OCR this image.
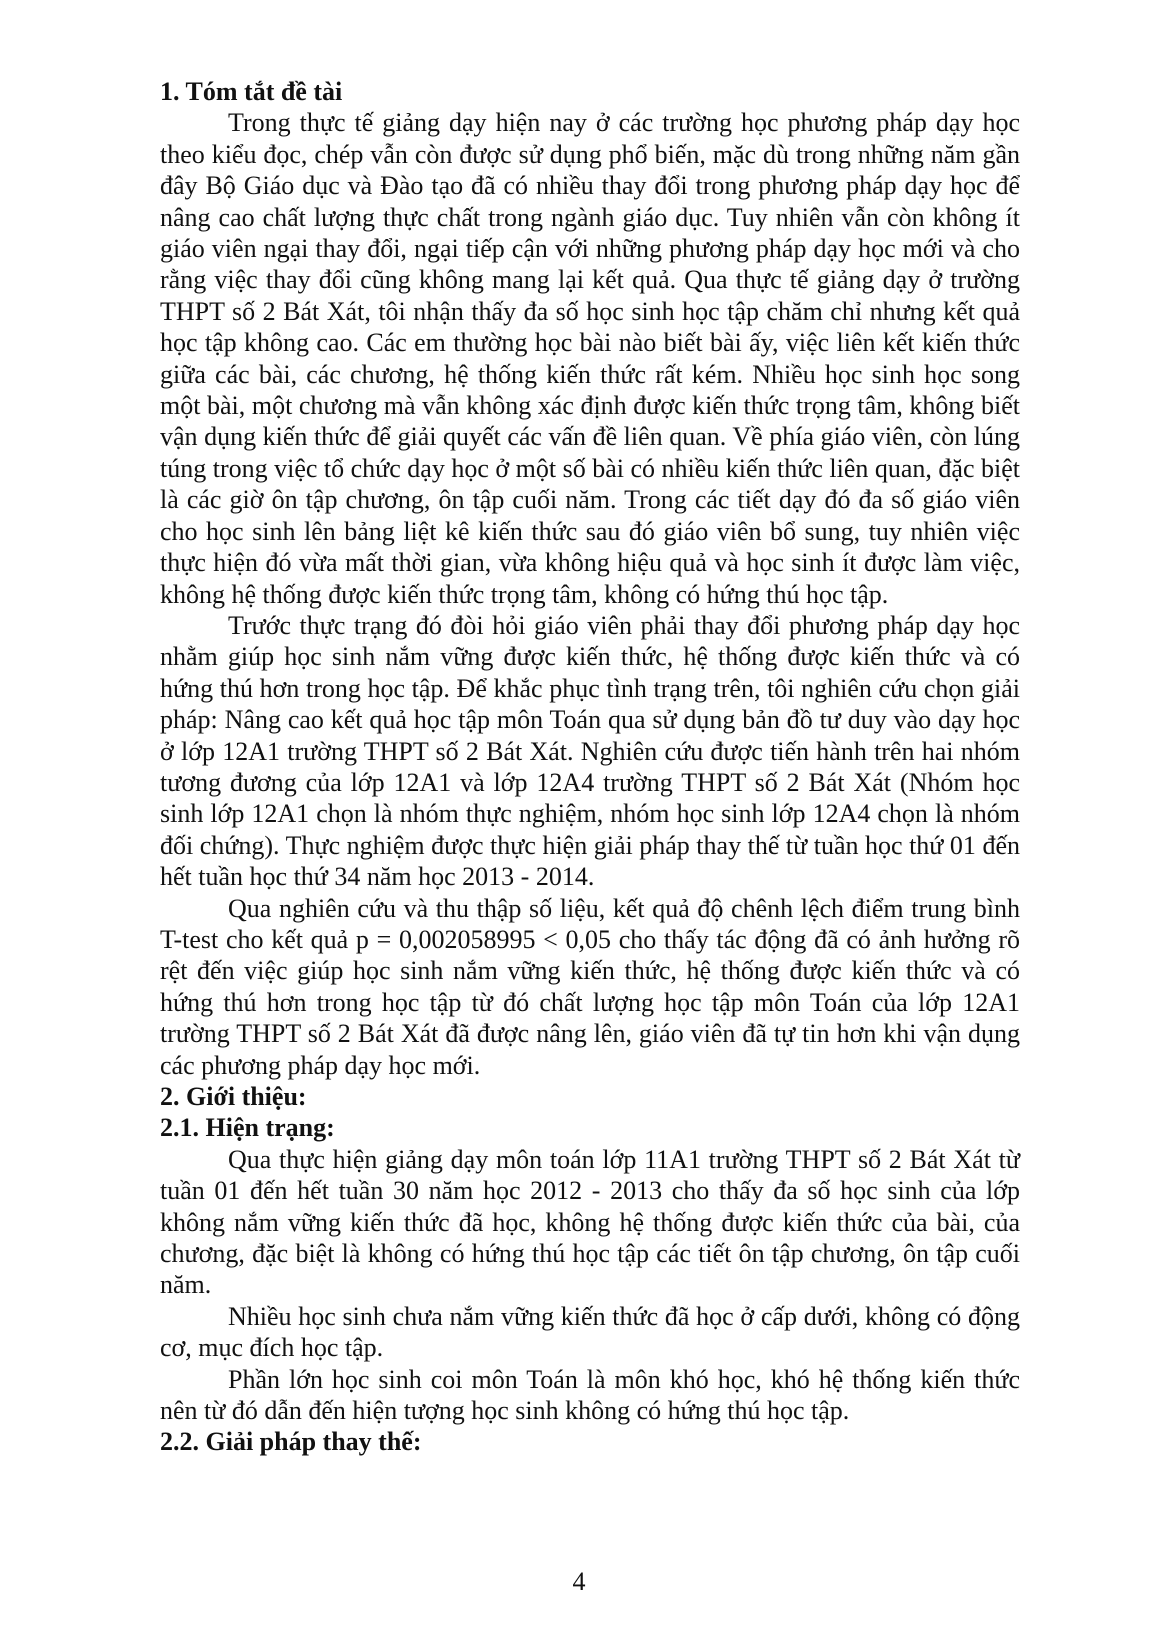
1. Tóm tắt đề tài

Trong thực tế giảng dạy hiện nay ở các trường học phương pháp dạy học theo kiểu đọc, chép vẫn còn được sử dụng phổ biến, mặc dù trong những năm gần đây Bộ Giáo dục và Đào tạo đã có nhiều thay đổi trong phương pháp dạy học để nâng cao chất lượng thực chất trong ngành giáo dục. Tuy nhiên vẫn còn không ít giáo viên ngại thay đổi, ngại tiếp cận với những phương pháp dạy học mới và cho rằng việc thay đổi cũng không mang lại kết quả. Qua thực tế giảng dạy ở trường THPT số 2 Bát Xát, tôi nhận thấy đa số học sinh học tập chăm chỉ nhưng kết quả học tập không cao. Các em thường học bài nào biết bài ấy, việc liên kết kiến thức giữa các bài, các chương, hệ thống kiến thức rất kém. Nhiều học sinh học song một bài, một chương mà vẫn không xác định được kiến thức trọng tâm, không biết vận dụng kiến thức để giải quyết các vấn đề liên quan. Về phía giáo viên, còn lúng túng trong việc tổ chức dạy học ở một số bài có nhiều kiến thức liên quan, đặc biệt là các giờ ôn tập chương, ôn tập cuối năm. Trong các tiết dạy đó đa số giáo viên cho học sinh lên bảng liệt kê kiến thức sau đó giáo viên bổ sung, tuy nhiên việc thực hiện đó vừa mất thời gian, vừa không hiệu quả và học sinh ít được làm việc, không hệ thống được kiến thức trọng tâm, không có hứng thú học tập.

Trước thực trạng đó đòi hỏi giáo viên phải thay đổi phương pháp dạy học nhằm giúp học sinh nắm vững được kiến thức, hệ thống được kiến thức và có hứng thú hơn trong học tập. Để khắc phục tình trạng trên, tôi nghiên cứu chọn giải pháp: Nâng cao kết quả học tập môn Toán qua sử dụng bản đồ tư duy vào dạy học ở lớp 12A1 trường THPT số 2 Bát Xát. Nghiên cứu được tiến hành trên hai nhóm tương đương của lớp 12A1 và lớp 12A4 trường THPT số 2 Bát Xát (Nhóm học sinh lớp 12A1 chọn là nhóm thực nghiệm, nhóm học sinh lớp 12A4 chọn là nhóm đối chứng). Thực nghiệm được thực hiện giải pháp thay thế từ tuần học thứ 01 đến hết tuần học thứ 34 năm học 2013 - 2014.

Qua nghiên cứu và thu thập số liệu, kết quả độ chênh lệch điểm trung bình T-test cho kết quả p = 0,002058995 < 0,05 cho thấy tác động đã có ảnh hưởng rõ rệt đến việc giúp học sinh nắm vững kiến thức, hệ thống được kiến thức và có hứng thú hơn trong học tập từ đó chất lượng học tập môn Toán của lớp 12A1 trường THPT số 2 Bát Xát đã được nâng lên, giáo viên đã tự tin hơn khi vận dụng các phương pháp dạy học mới.

2. Giới thiệu:
2.1. Hiện trạng:

Qua thực hiện giảng dạy môn toán lớp 11A1 trường THPT số 2 Bát Xát từ tuần 01 đến hết tuần 30 năm học 2012 - 2013 cho thấy đa số học sinh của lớp không nắm vững kiến thức đã học, không hệ thống được kiến thức của bài, của chương, đặc biệt là không có hứng thú học tập các tiết ôn tập chương, ôn tập cuối năm.

Nhiều học sinh chưa nắm vững kiến thức đã học ở cấp dưới, không có động cơ, mục đích học tập.

Phần lớn học sinh coi môn Toán là môn khó học, khó hệ thống kiến thức nên từ đó dẫn đến hiện tượng học sinh không có hứng thú học tập.

2.2. Giải pháp thay thế:
4
